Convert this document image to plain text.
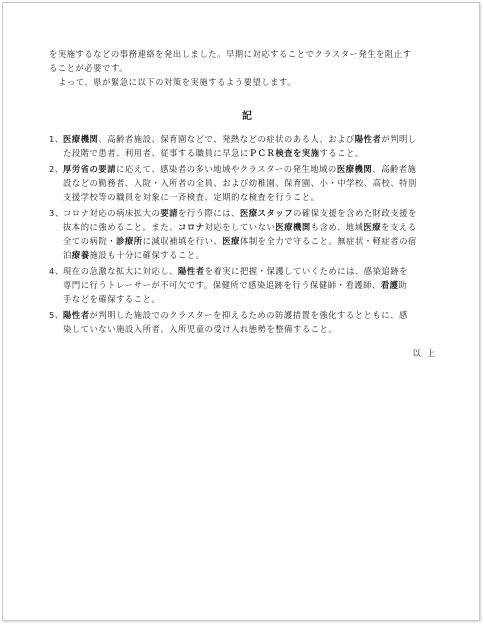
を実施するなどの事務連絡を発出しました。早期に対応することでクラスター発生を阻止す
ることが必要です。
よって、県が緊急に以下の対策を実施するよう要望します。
記
1、 医療機関、高齢者施設、保育園などで、発熱などの症状のある人、および陽性者が判明し
た段階で患者、利用者、従事する職員に早急にＰＣＲ検査を実施すること。
2、 厚労省の要請に応えて、感染者の多い地域やクラスターの発生地域の医療機関、高齢者施
設などの勤務者、入院・入所者の全員、および幼稚園、保育園、小・中学校、高校、特別
支援学校等の職員を対象に一斉検査、定期的な検査を行うこと。
3、 コロナ対応の病床拡大の要請を行う際には、医療スタッフの確保支援を含めた財政支援を
抜本的に強めること。また、コロナ対応をしていない医療機関も含め、地域医療を支える
全ての病院・診療所に減収補填を行い、医療体制を全力で守ること。無症状・軽症者の宿
泊療養施設も十分に確保すること。
4、 現在の急激な拡大に対応し、陽性者を着実に把握・保護していくためには、感染追跡を
専門に行うトレーサーが不可欠です。保健所で感染追跡を行う保健師・看護師、看護助
手などを確保すること。
5、 陽性者が判明した施設でのクラスターを抑えるための防護措置を強化するとともに、感
染していない施設入所者、入所児童の受け入れ態勢を整備すること。
以上
